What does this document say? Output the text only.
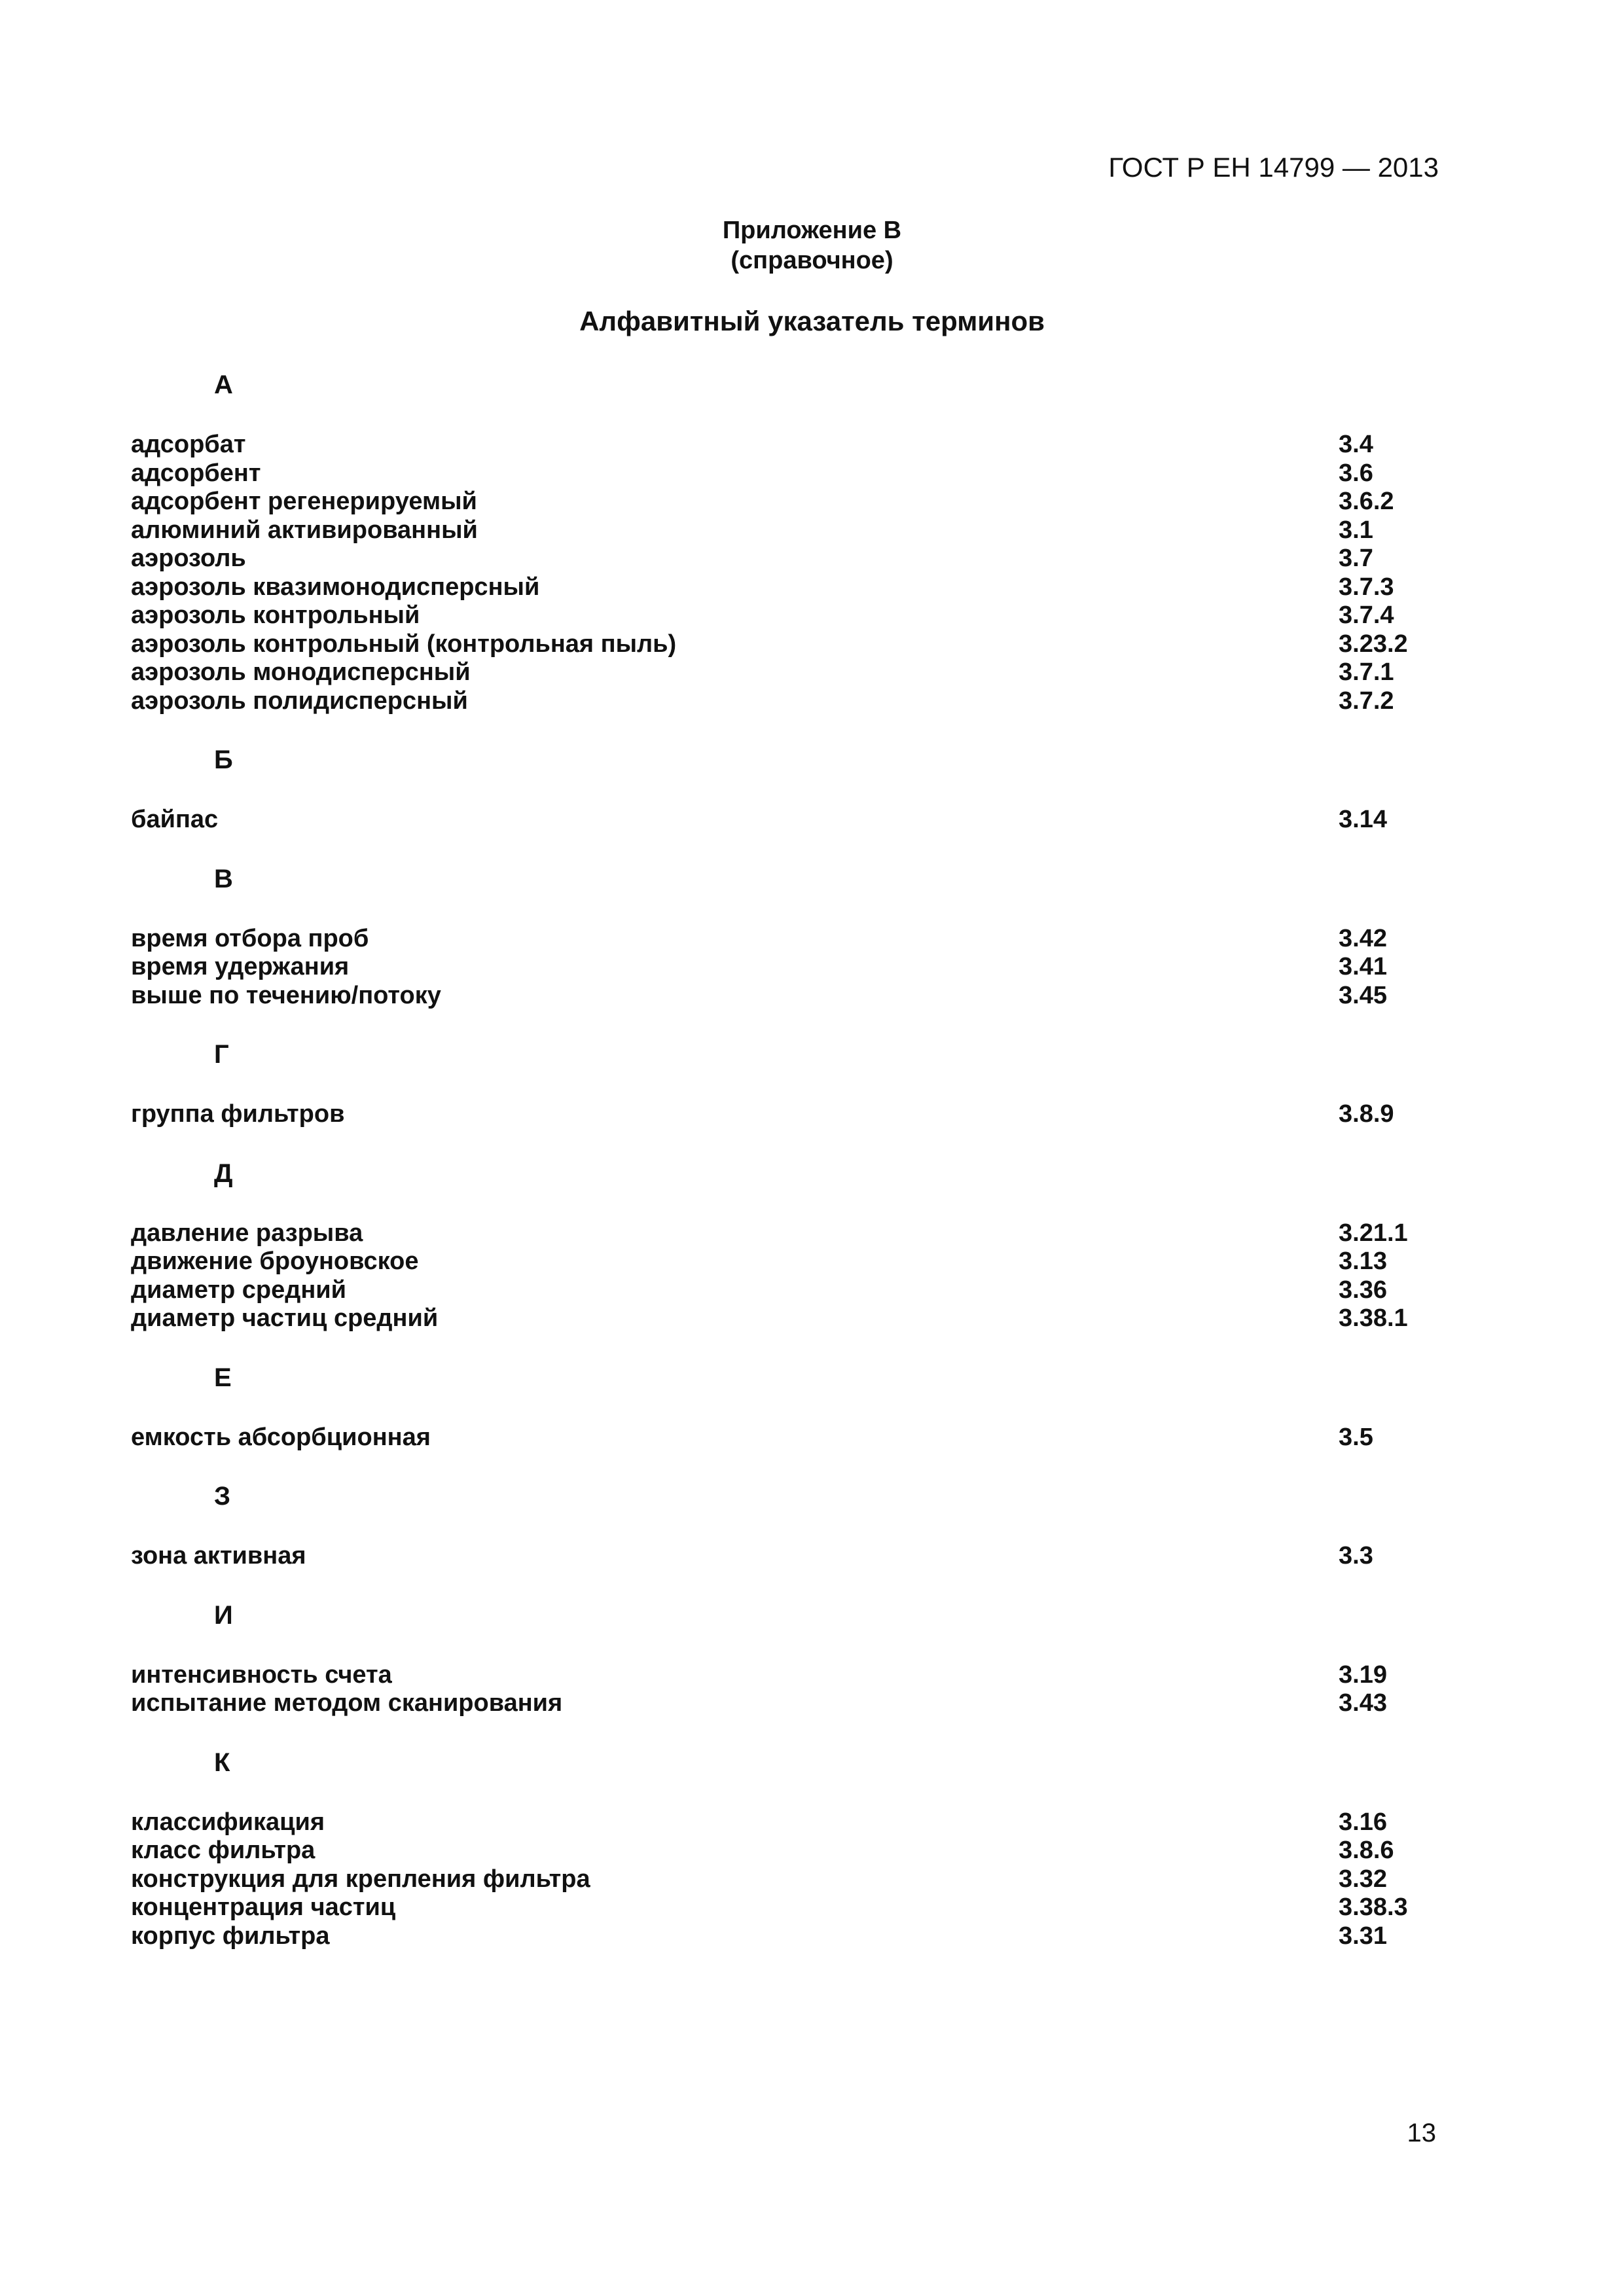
ГОСТ Р ЕН 14799 — 2013
Приложение В
(справочное)
Алфавитный указатель терминов
А
адсорбат	3.4
адсорбент	3.6
адсорбент регенерируемый	3.6.2
алюминий активированный	3.1
аэрозоль	3.7
аэрозоль квазимонодисперсный	3.7.3
аэрозоль контрольный	3.7.4
аэрозоль контрольный (контрольная пыль)	3.23.2
аэрозоль монодисперсный	3.7.1
аэрозоль полидисперсный	3.7.2
Б
байпас	3.14
В
время отбора проб	3.42
время удержания	3.41
выше по течению/потоку	3.45
Г
группа фильтров	3.8.9
Д
давление разрыва	3.21.1
движение броуновское	3.13
диаметр средний	3.36
диаметр частиц средний	3.38.1
Е
емкость абсорбционная	3.5
З
зона активная	3.3
И
интенсивность счета	3.19
испытание методом сканирования	3.43
К
классификация	3.16
класс фильтра	3.8.6
конструкция для крепления фильтра	3.32
концентрация частиц	3.38.3
корпус фильтра	3.31
13
